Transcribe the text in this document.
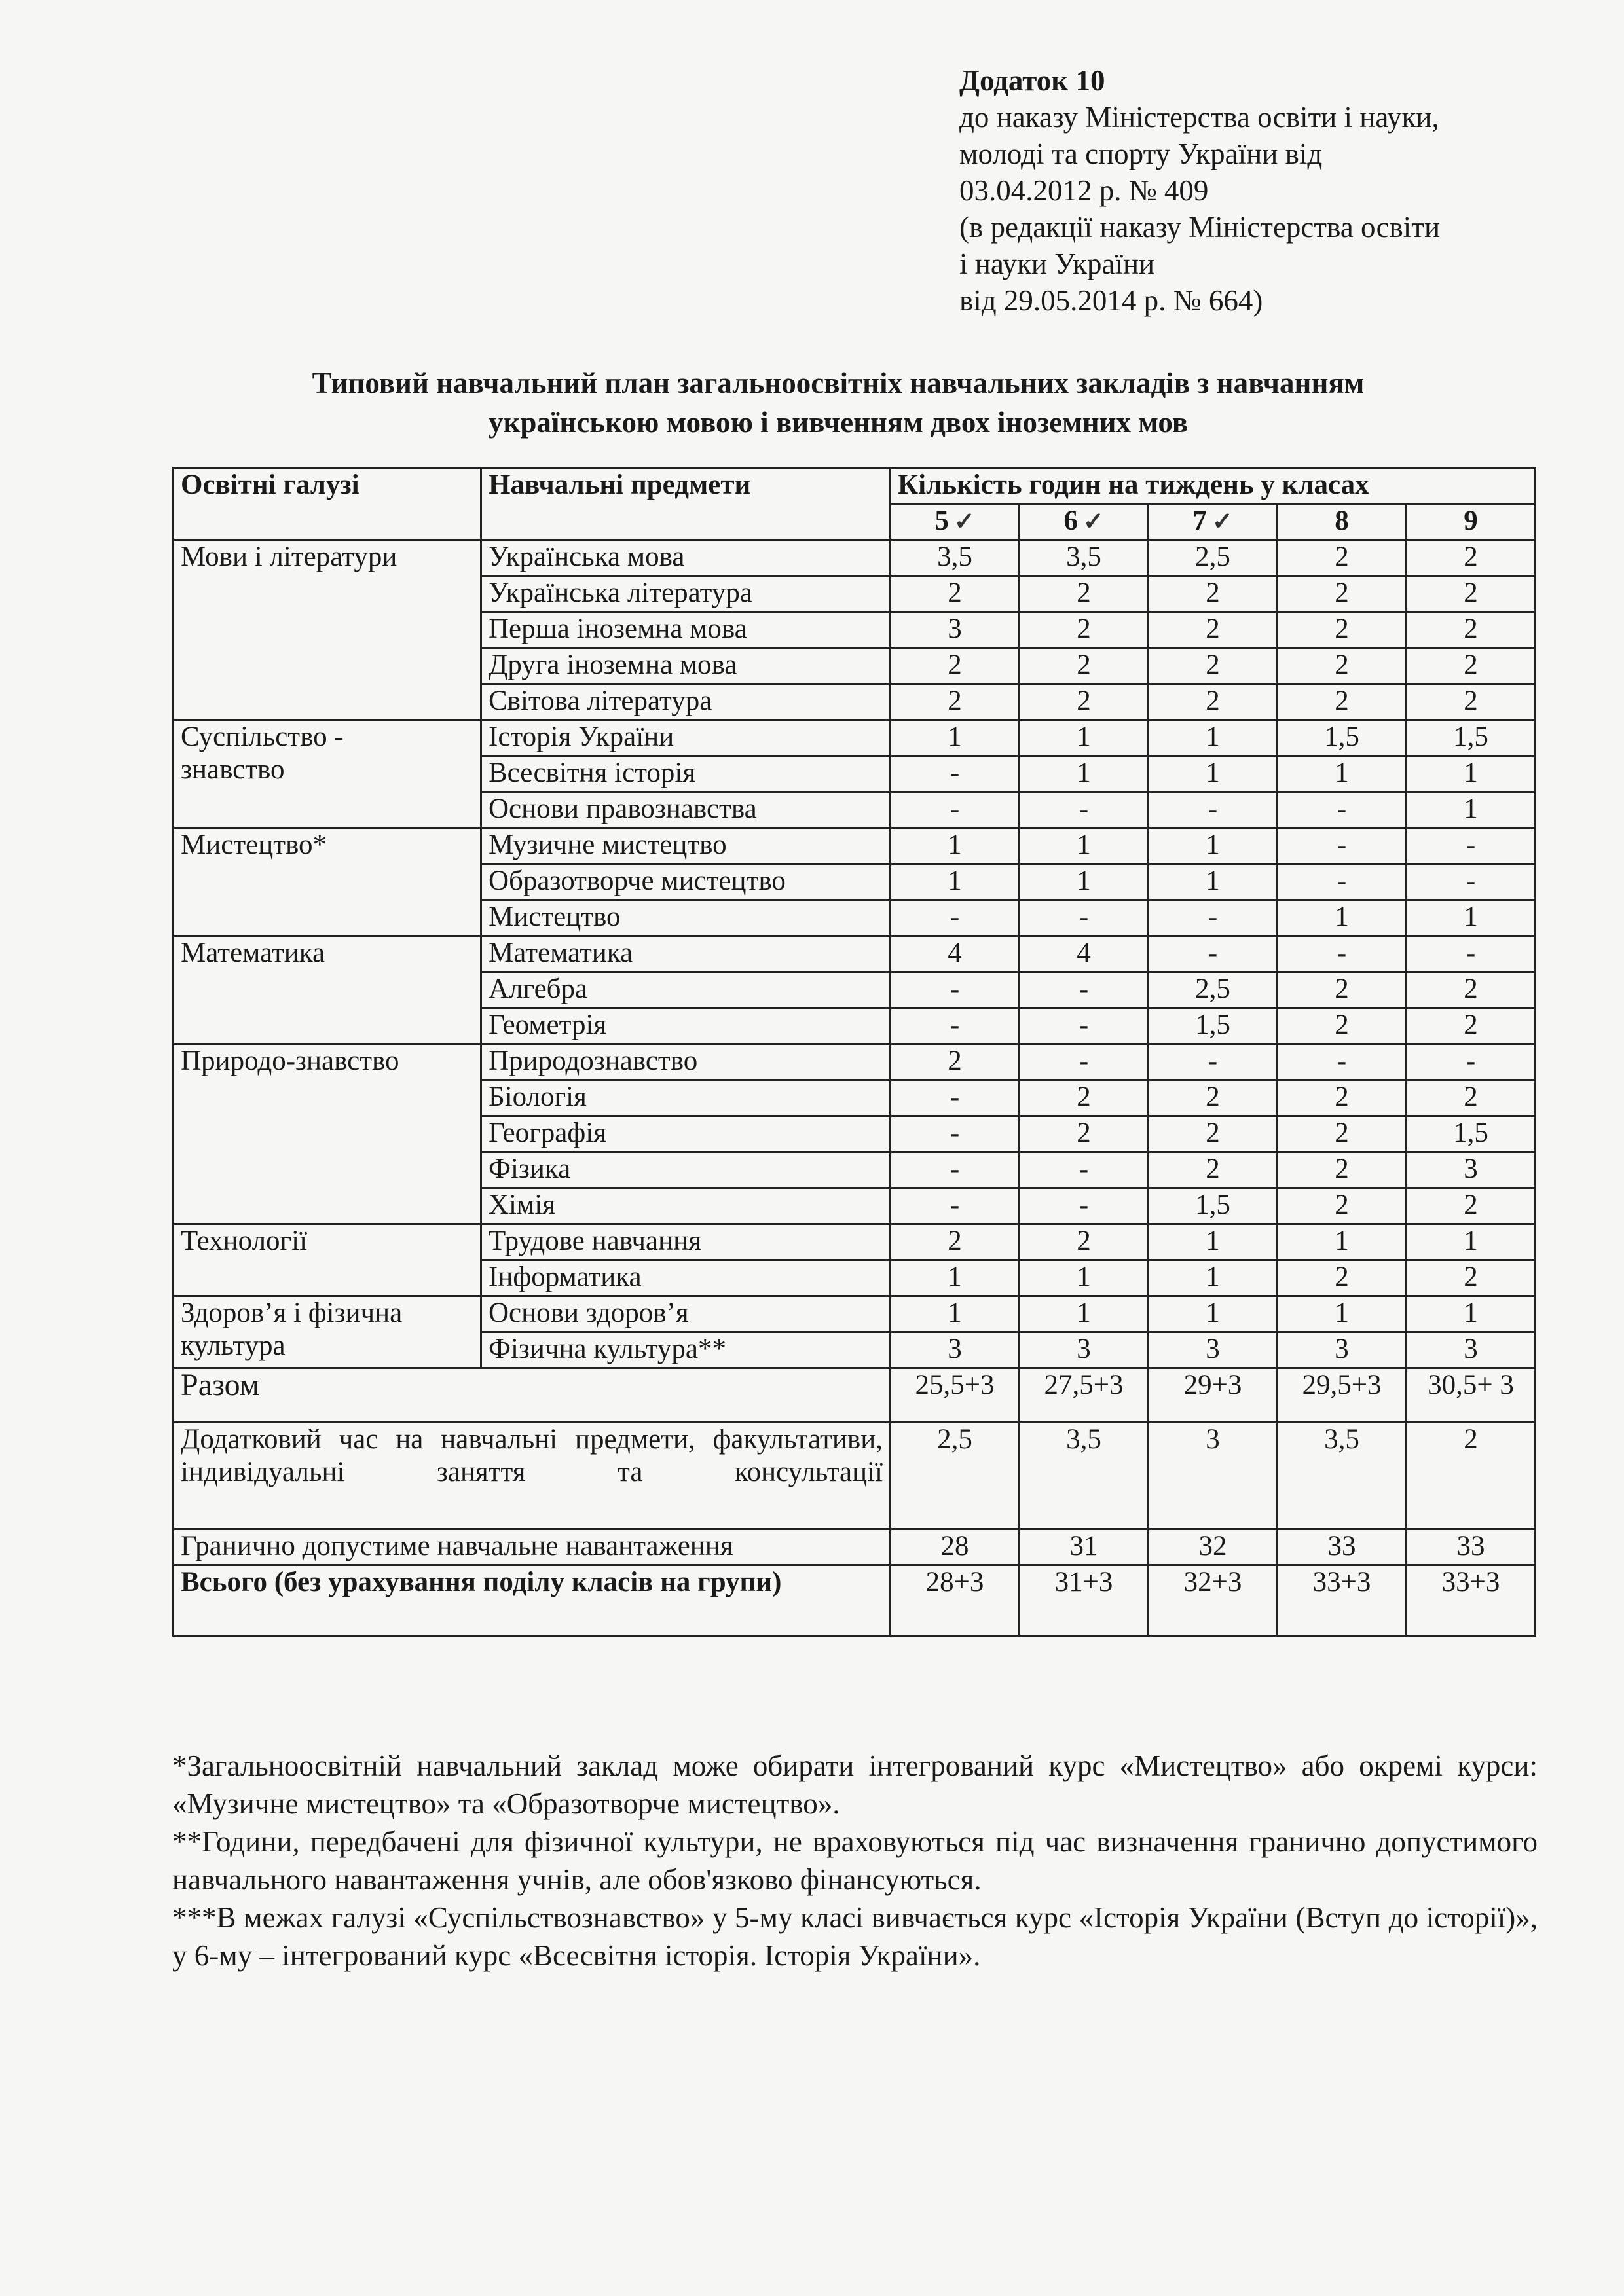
Додаток 10
до наказу Міністерства освіти і науки,
молоді та спорту України від
03.04.2012 р. № 409
(в редакції наказу Міністерства освіти
і науки України
від 29.05.2014 р. № 664)
Типовий навчальний план загальноосвітніх навчальних закладів з навчанням
українською мовою і вивченням двох іноземних мов
Освітні галузі	Навчальні предмети	Кількість годин на тиждень у класах				
		5 ✓	6 ✓	7 ✓	8	9

Мови і літератури	Українська мова	3,5	3,5	2,5	2	2
	Українська література	2	2	2	2	2
	Перша іноземна мова	3	2	2	2	2
	Друга іноземна мова	2	2	2	2	2
	Світова література	2	2	2	2	2

Суспільство -
знавство	Історія України	1	1	1	1,5	1,5
	Всесвітня історія	-	1	1	1	1
	Основи правознавства	-	-	-	-	1

Мистецтво*	Музичне мистецтво	1	1	1	-	-
	Образотворче мистецтво	1	1	1	-	-
	Мистецтво	-	-	-	1	1

Математика	Математика	4	4	-	-	-
	Алгебра	-	-	2,5	2	2
	Геометрія	-	-	1,5	2	2

Природо-знавство	Природознавство	2	-	-	-	-
	Біологія	-	2	2	2	2
	Географія	-	2	2	2	1,5
	Фізика	-	-	2	2	3
	Хімія	-	-	1,5	2	2

Технології	Трудове навчання	2	2	1	1	1
	Інформатика	1	1	1	2	2

Здоров’я і фізична
культура	Основи здоров’я	1	1	1	1	1
	Фізична культура**	3	3	3	3	3
Разом		25,5+3	27,5+3	29+3	29,5+3	30,5+ 3
Додатковий час на навчальні предмети, факультативи, індивідуальні заняття та консультації		2,5	3,5	3	3,5	2
Гранично допустиме навчальне навантаження		28	31	32	33	33
Всього (без урахування поділу класів на групи)		28+3	31+3	32+3	33+3	33+3

*Загальноосвітній навчальний заклад може обирати інтегрований курс «Мистецтво» або окремі курси: «Музичне мистецтво» та «Образотворче мистецтво».

**Години, передбачені для фізичної культури, не враховуються під час визначення гранично допустимого навчального навантаження учнів, але обов'язково фінансуються.

***В межах галузі «Суспільствознавство» у 5-му класі вивчається курс «Історія України (Вступ до історії)», у 6-му – інтегрований курс «Всесвітня історія. Історія України».
